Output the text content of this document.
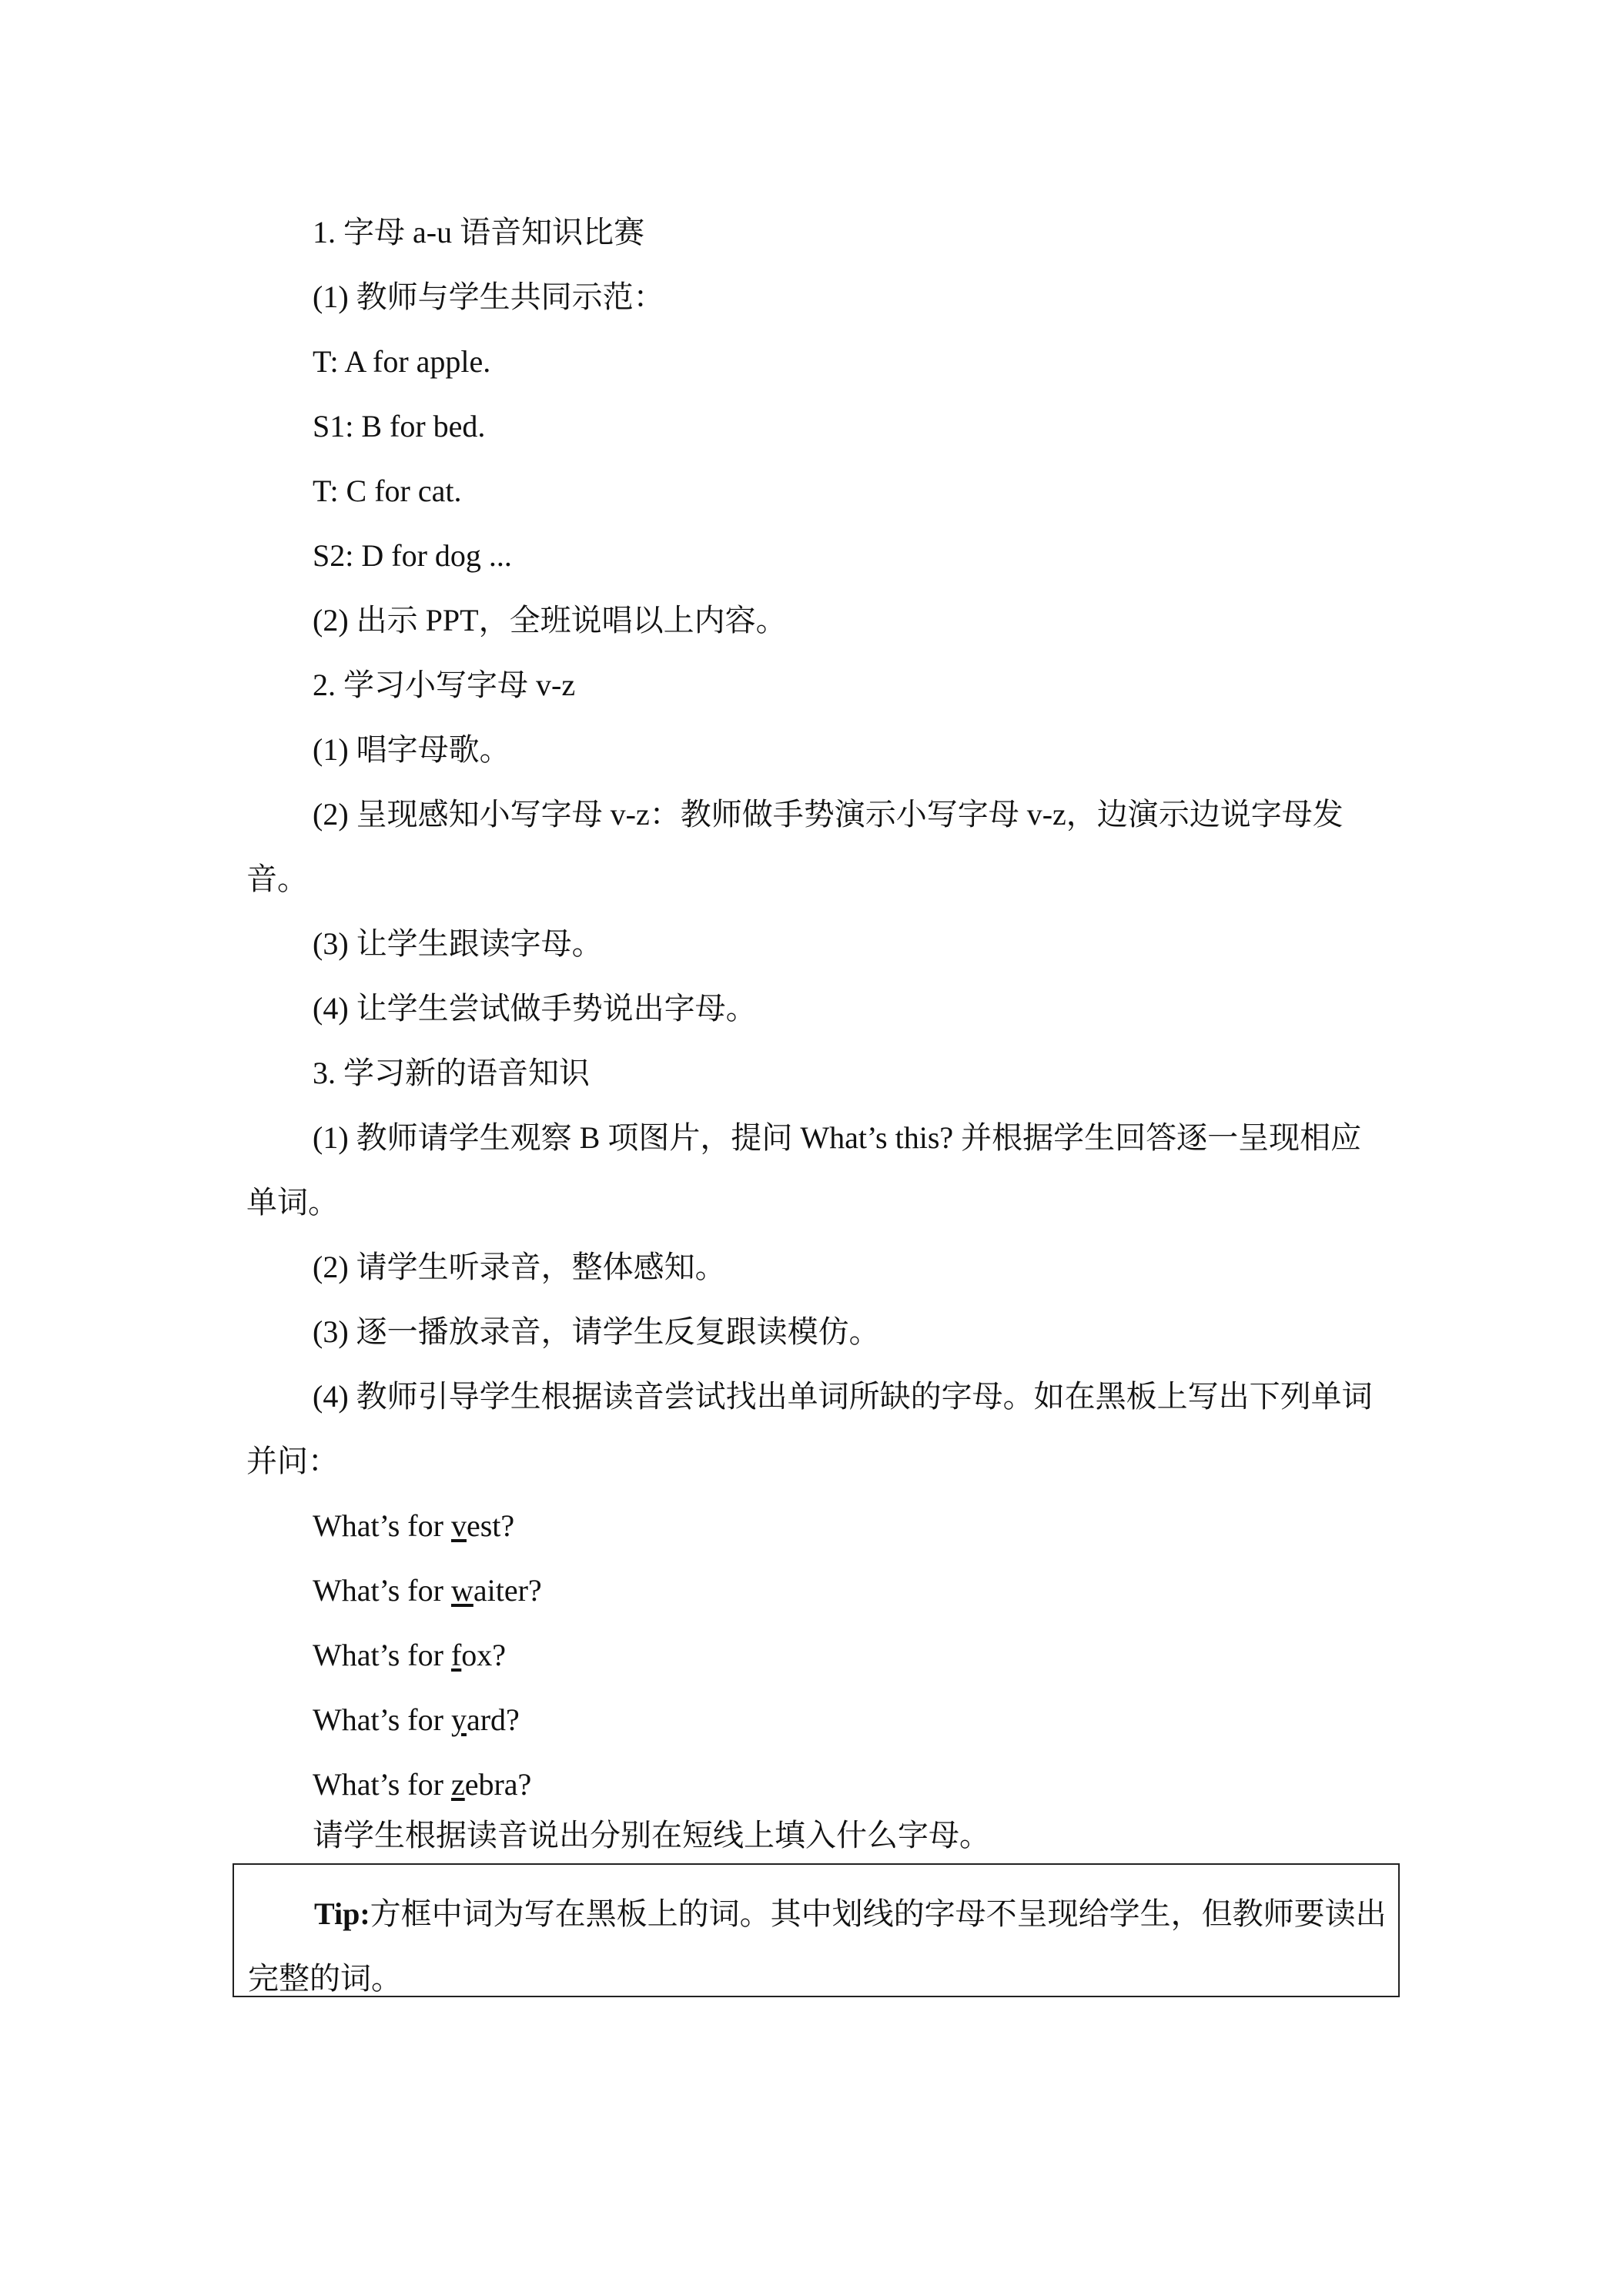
1. 字母 a-u 语音知识比赛

(1) 教师与学生共同示范：

T: A for apple.

S1: B for bed.

T: C for cat.

S2: D for dog ...

(2) 出示 PPT，全班说唱以上内容。

2. 学习小写字母 v-z

(1) 唱字母歌。

(2) 呈现感知小写字母 v-z：教师做手势演示小写字母 v-z，边演示边说字母发音。

(3) 让学生跟读字母。

(4) 让学生尝试做手势说出字母。

3. 学习新的语音知识

(1) 教师请学生观察 B 项图片，提问 What’s this? 并根据学生回答逐一呈现相应单词。

(2) 请学生听录音，整体感知。

(3) 逐一播放录音，请学生反复跟读模仿。

(4) 教师引导学生根据读音尝试找出单词所缺的字母。如在黑板上写出下列单词并问：

What’s for vest?

What’s for waiter?

What’s for fox?

What’s for yard?

What’s for zebra?

请学生根据读音说出分别在短线上填入什么字母。

Tip:方框中词为写在黑板上的词。其中划线的字母不呈现给学生，但教师要读出完整的词。
